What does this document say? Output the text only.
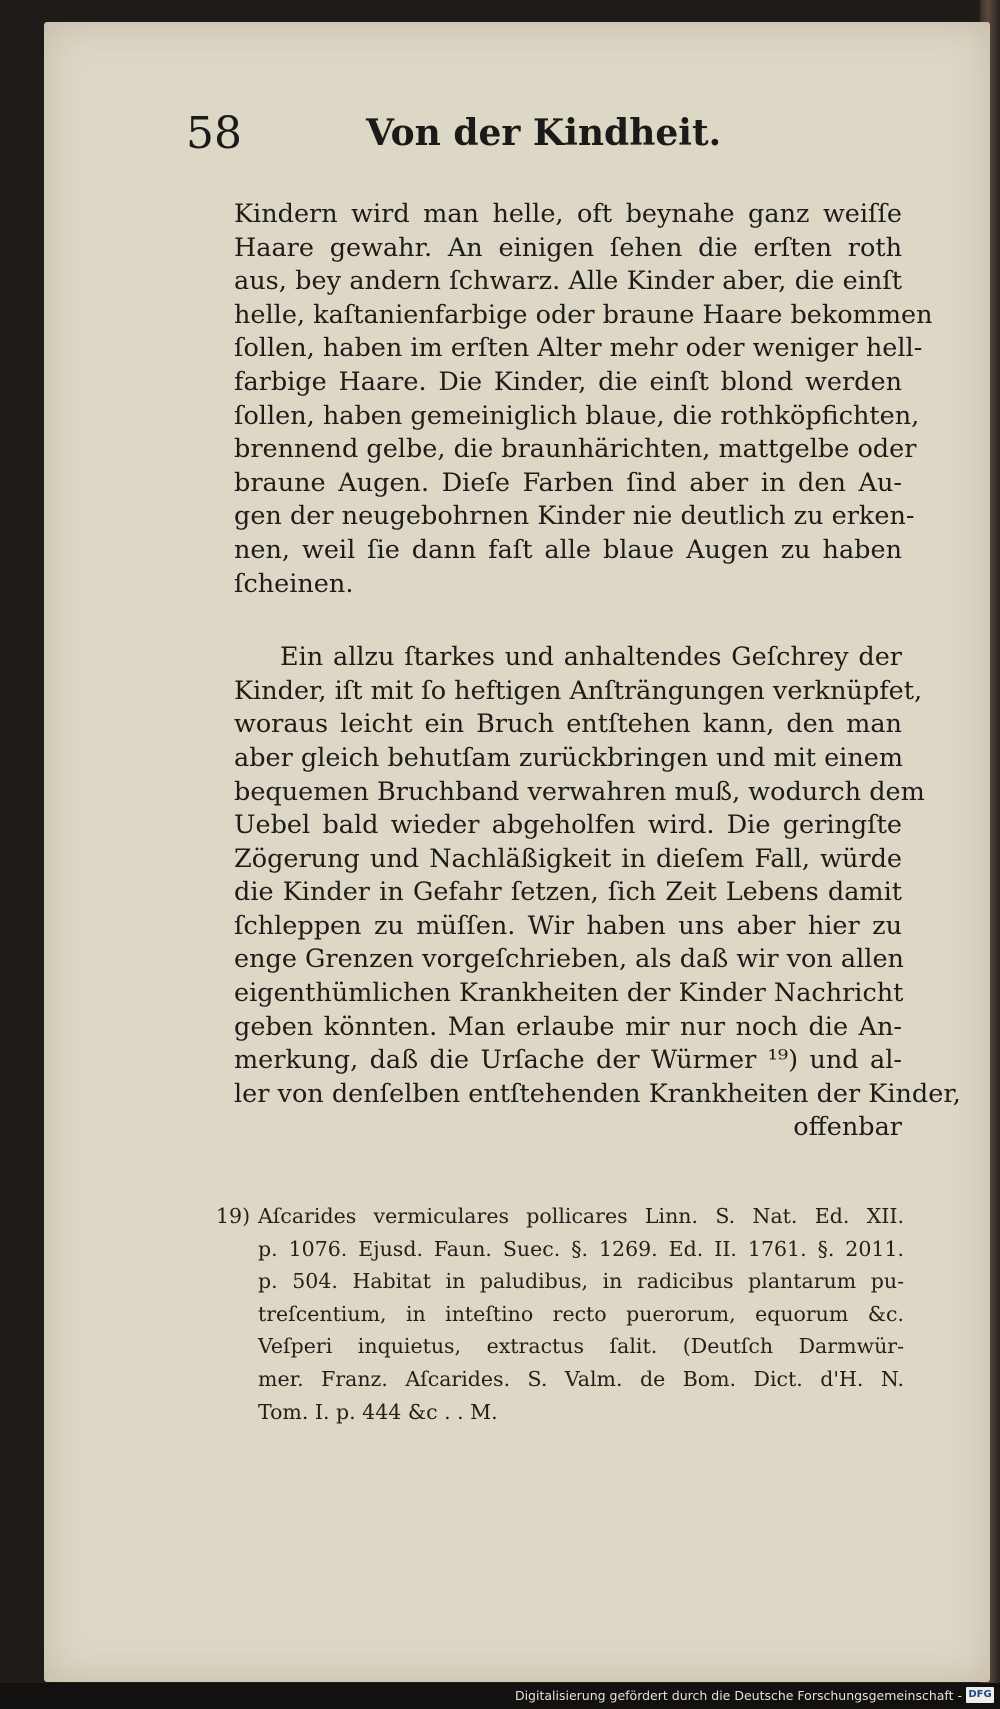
58	Von der Kindheit.
Kindern wird man helle, oft beynahe ganz weiſſe
Haare gewahr. An einigen ſehen die erſten roth
aus, bey andern ſchwarz. Alle Kinder aber, die einſt
helle, kaſtanienfarbige oder braune Haare bekommen
ſollen, haben im erſten Alter mehr oder weniger hell-
farbige Haare. Die Kinder, die einſt blond werden
ſollen, haben gemeiniglich blaue, die rothköpfichten,
brennend gelbe, die braunhärichten, mattgelbe oder
braune Augen. Dieſe Farben ſind aber in den Au-
gen der neugebohrnen Kinder nie deutlich zu erken-
nen, weil ſie dann faſt alle blaue Augen zu haben
ſcheinen.
Ein allzu ſtarkes und anhaltendes Geſchrey der
Kinder, iſt mit ſo heftigen Anſträngungen verknüpfet,
woraus leicht ein Bruch entſtehen kann, den man
aber gleich behutſam zurückbringen und mit einem
bequemen Bruchband verwahren muß, wodurch dem
Uebel bald wieder abgeholfen wird. Die geringſte
Zögerung und Nachläßigkeit in dieſem Fall, würde
die Kinder in Gefahr ſetzen, ſich Zeit Lebens damit
ſchleppen zu müſſen. Wir haben uns aber hier zu
enge Grenzen vorgeſchrieben, als daß wir von allen
eigenthümlichen Krankheiten der Kinder Nachricht
geben könnten. Man erlaube mir nur noch die An-
merkung, daß die Urſache der Würmer ¹⁹) und al-
ler von denſelben entſtehenden Krankheiten der Kinder,
offenbar
19) Aſcarides vermiculares pollicares Linn. S. Nat. Ed. XII.
p. 1076. Ejusd. Faun. Suec. §. 1269. Ed. II. 1761. §. 2011.
p. 504. Habitat in paludibus, in radicibus plantarum pu-
treſcentium, in inteſtino recto puerorum, equorum &c.
Veſperi inquietus, extractus ſalit. (Deutſch Darmwür-
mer. Franz. Aſcarides. S. Valm. de Bom. Dict. d'H. N.
Tom. I. p. 444 &c . . M.
Digitalisierung gefördert durch die Deutsche Forschungsgemeinschaft - DFG
